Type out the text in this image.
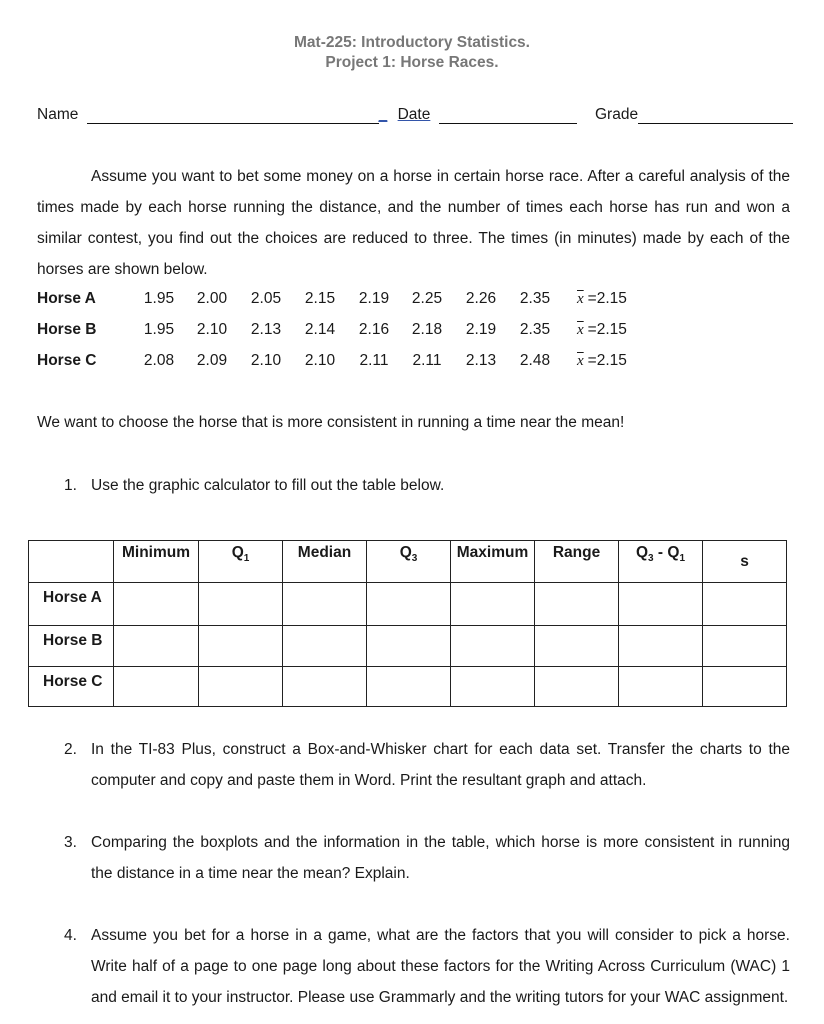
Mat-225: Introductory Statistics.
Project 1: Horse Races.
Name	_ Date	Grade
Assume you want to bet some money on a horse in certain horse race. After a careful analysis of the times made by each horse running the distance, and the number of times each horse has run and won a similar contest, you find out the choices are reduced to three. The times (in minutes) made by each of the horses are shown below.
Horse A	1.95	2.00	2.05	2.15	2.19	2.25	2.26	2.35	$\overline{x} =2.15$
Horse B	1.95	2.10	2.13	2.14	2.16	2.18	2.19	2.35	$\overline{x} =2.15$
Horse C	2.08	2.09	2.10	2.10	2.11	2.11	2.13	2.48	$\overline{x} =2.15$
We want to choose the horse that is more consistent in running a time near the mean!
1. Use the graphic calculator to fill out the table below.
	Minimum	$Q_1$	Median	$Q_3$	Maximum	Range	$Q_3 - Q_1$	s
Horse A								
Horse B								
Horse C								
2. In the TI-83 Plus, construct a Box-and-Whisker chart for each data set. Transfer the charts to the computer and copy and paste them in Word. Print the resultant graph and attach.
3. Comparing the boxplots and the information in the table, which horse is more consistent in running the distance in a time near the mean? Explain.
4. Assume you bet for a horse in a game, what are the factors that you will consider to pick a horse. Write half of a page to one page long about these factors for the Writing Across Curriculum (WAC) 1 and email it to your instructor. Please use Grammarly and the writing tutors for your WAC assignment.
